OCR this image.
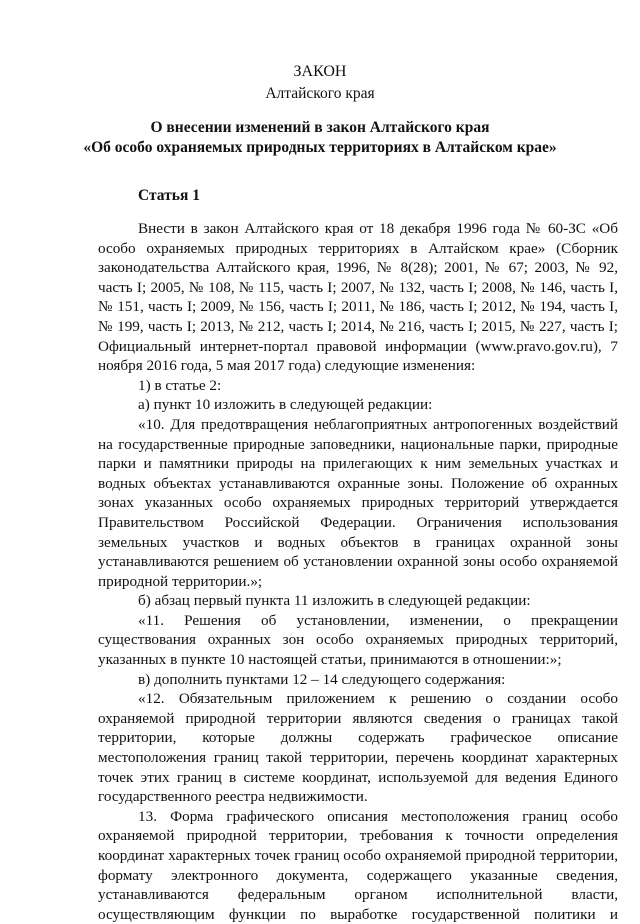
ЗАКОН
Алтайского края
О внесении изменений в закон Алтайского края
«Об особо охраняемых природных территориях в Алтайском крае»
Статья 1

Внести в закон Алтайского края от 18 декабря 1996 года № 60-ЗС «Об особо охраняемых природных территориях в Алтайском крае» (Сборник законодательства Алтайского края, 1996, № 8(28); 2001, № 67; 2003, № 92, часть I; 2005, № 108, № 115, часть I; 2007, № 132, часть I; 2008, № 146, часть I, № 151, часть I; 2009, № 156, часть I; 2011, № 186, часть I; 2012, № 194, часть I, № 199, часть I; 2013, № 212, часть I; 2014, № 216, часть I; 2015, № 227, часть I; Официальный интернет-портал правовой информации (www.pravo.gov.ru), 7 ноября 2016 года, 5 мая 2017 года) следующие изменения:

1) в статье 2:

а) пункт 10 изложить в следующей редакции:

«10. Для предотвращения неблагоприятных антропогенных воздействий на государственные природные заповедники, национальные парки, природные парки и памятники природы на прилегающих к ним земельных участках и водных объектах устанавливаются охранные зоны. Положение об охранных зонах указанных особо охраняемых природных территорий утверждается Правительством Российской Федерации. Ограничения использования земельных участков и водных объектов в границах охранной зоны устанавливаются решением об установлении охранной зоны особо охраняемой природной территории.»;

б) абзац первый пункта 11 изложить в следующей редакции:

«11. Решения об установлении, изменении, о прекращении существования охранных зон особо охраняемых природных территорий, указанных в пункте 10 настоящей статьи, принимаются в отношении:»;

в) дополнить пунктами 12 – 14 следующего содержания:

«12. Обязательным приложением к решению о создании особо охраняемой природной территории являются сведения о границах такой территории, которые должны содержать графическое описание местоположения границ такой территории, перечень координат характерных точек этих границ в системе координат, используемой для ведения Единого государственного реестра недвижимости.

13. Форма графического описания местоположения границ особо охраняемой природной территории, требования к точности определения координат характерных точек границ особо охраняемой природной территории, формату электронного документа, содержащего указанные сведения, устанавливаются федеральным органом исполнительной власти, осуществляющим функции по выработке государственной политики и
